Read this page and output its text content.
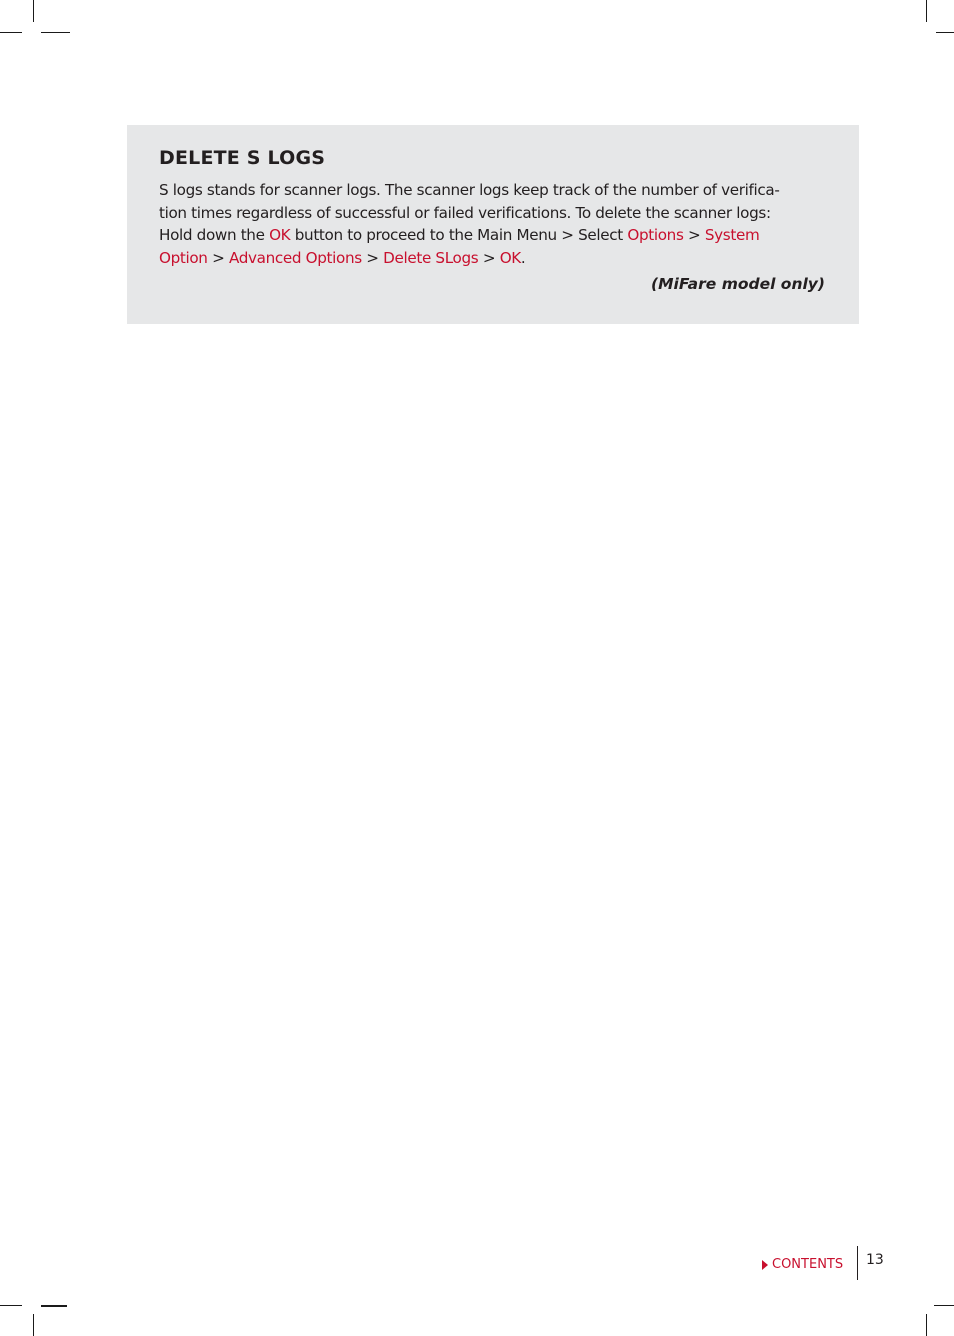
DELETE S LOGS

S logs stands for scanner logs. The scanner logs keep track of the number of verifica-
tion times regardless of successful or failed verifications. To delete the scanner logs:
Hold down the OK button to proceed to the Main Menu > Select Options > System
Option > Advanced Options > Delete SLogs > OK.

(MiFare model only)

CONTENTS 13
